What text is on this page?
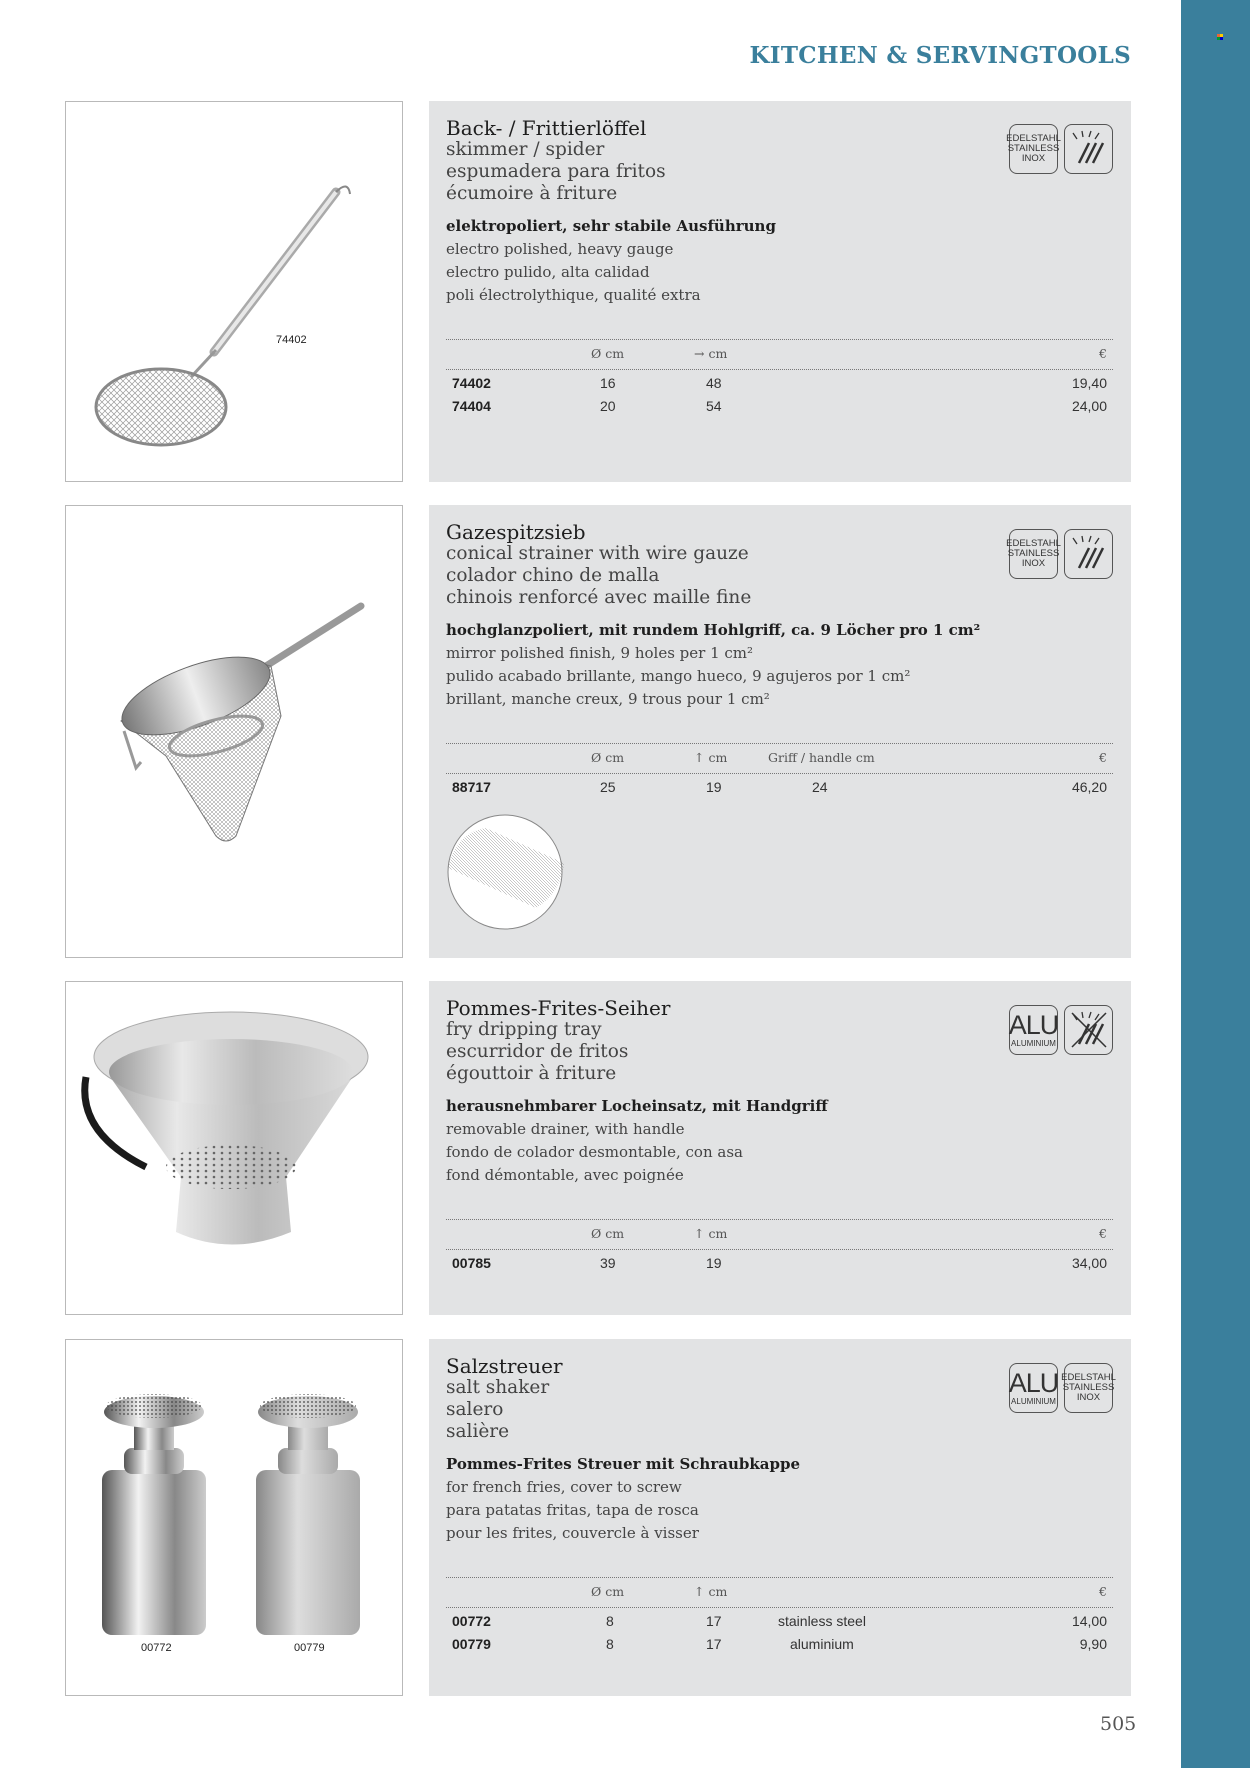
KITCHEN & SERVINGTOOLS
74402
Back- / Frittierlöffel
skimmer / spider
espumadera para fritos
écumoire à friture
elektropoliert, sehr stabile Ausführung
electro polished, heavy gauge
electro pulido, alta calidad
poli électrolythique, qualité extra
EDELSTAHL
STAINLESS
INOX
Ø cm	→ cm	€
74402	16	48	19,40
74404	20	54	24,00
Gazespitzsieb
conical strainer with wire gauze
colador chino de malla
chinois renforcé avec maille fine
hochglanzpoliert, mit rundem Hohlgriff, ca. 9 Löcher pro 1 cm²
mirror polished finish, 9 holes per 1 cm²
pulido acabado brillante, mango hueco, 9 agujeros por 1 cm²
brillant, manche creux, 9 trous pour 1 cm²
EDELSTAHL
STAINLESS
INOX
Ø cm	↑ cm	Griff / handle cm	€
88717	25	19	24	46,20
Pommes-Frites-Seiher
fry dripping tray
escurridor de fritos
égouttoir à friture
herausnehmbarer Locheinsatz, mit Handgriff
removable drainer, with handle
fondo de colador desmontable, con asa
fond démontable, avec poignée
ALU
ALUMINIUM
Ø cm	↑ cm	€
00785	39	19	34,00
00772	00779
Salzstreuer
salt shaker
salero
salière
Pommes-Frites Streuer mit Schraubkappe
for french fries, cover to screw
para patatas fritas, tapa de rosca
pour les frites, couvercle à visser
ALU
ALUMINIUM
EDELSTAHL
STAINLESS
INOX
Ø cm	↑ cm	€
00772	8	17	stainless steel	14,00
00779	8	17	aluminium	9,90
505
